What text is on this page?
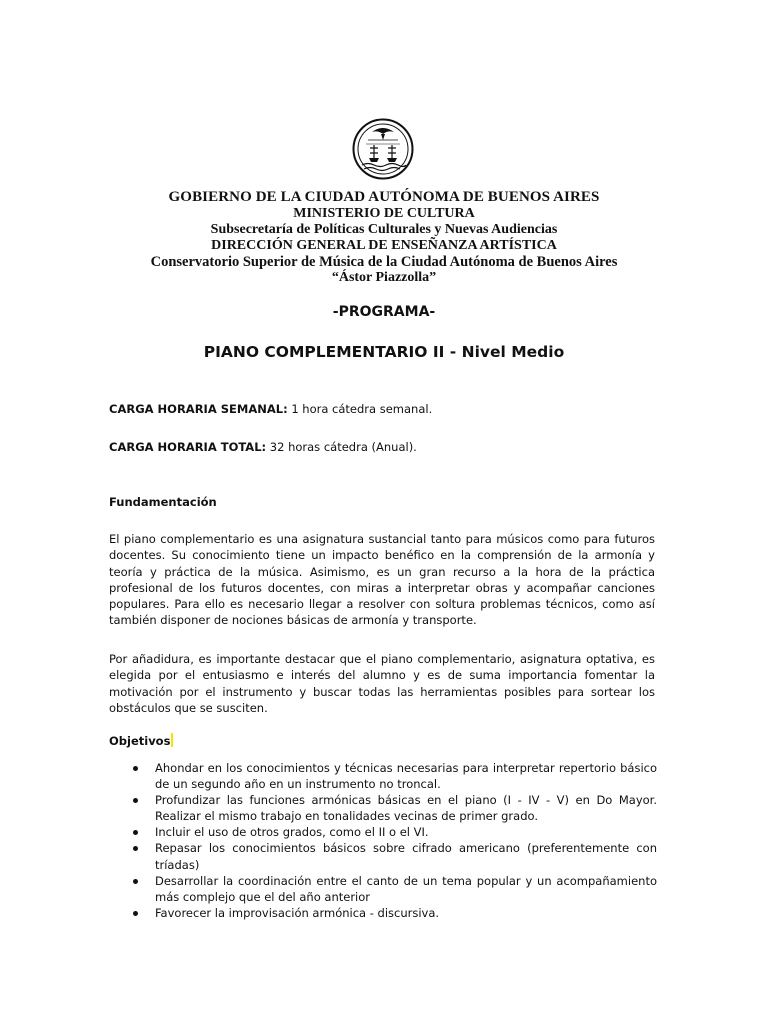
GOBIERNO DE LA CIUDAD AUTÓNOMA DE BUENOS AIRES
MINISTERIO DE CULTURA
Subsecretaría de Políticas Culturales y Nuevas Audiencias
DIRECCIÓN GENERAL DE ENSEÑANZA ARTÍSTICA
Conservatorio Superior de Música de la Ciudad Autónoma de Buenos Aires
“Ástor Piazzolla”
-PROGRAMA-
PIANO COMPLEMENTARIO II - Nivel Medio
CARGA HORARIA SEMANAL: 1 hora cátedra semanal.
CARGA HORARIA TOTAL: 32 horas cátedra (Anual).
Fundamentación
El piano complementario es una asignatura sustancial tanto para músicos como para futuros docentes. Su conocimiento tiene un impacto benéfico en la comprensión de la armonía y teoría y práctica de la música. Asimismo, es un gran recurso a la hora de la práctica profesional de los futuros docentes, con miras a interpretar obras y acompañar canciones populares. Para ello es necesario llegar a resolver con soltura problemas técnicos, como así también disponer de nociones básicas de armonía y transporte.
Por añadidura, es importante destacar que el piano complementario, asignatura optativa, es elegida por el entusiasmo e interés del alumno y es de suma importancia fomentar la motivación por el instrumento y buscar todas las herramientas posibles para sortear los obstáculos que se susciten.
Objetivos
Ahondar en los conocimientos y técnicas necesarias para interpretar repertorio básico de un segundo año en un instrumento no troncal.
Profundizar las funciones armónicas básicas en el piano (I - IV - V) en Do Mayor. Realizar el mismo trabajo en tonalidades vecinas de primer grado.
Incluir el uso de otros grados, como el II o el VI.
Repasar los conocimientos básicos sobre cifrado americano (preferentemente con tríadas)
Desarrollar la coordinación entre el canto de un tema popular y un acompañamiento más complejo que el del año anterior
Favorecer la improvisación armónica - discursiva.
